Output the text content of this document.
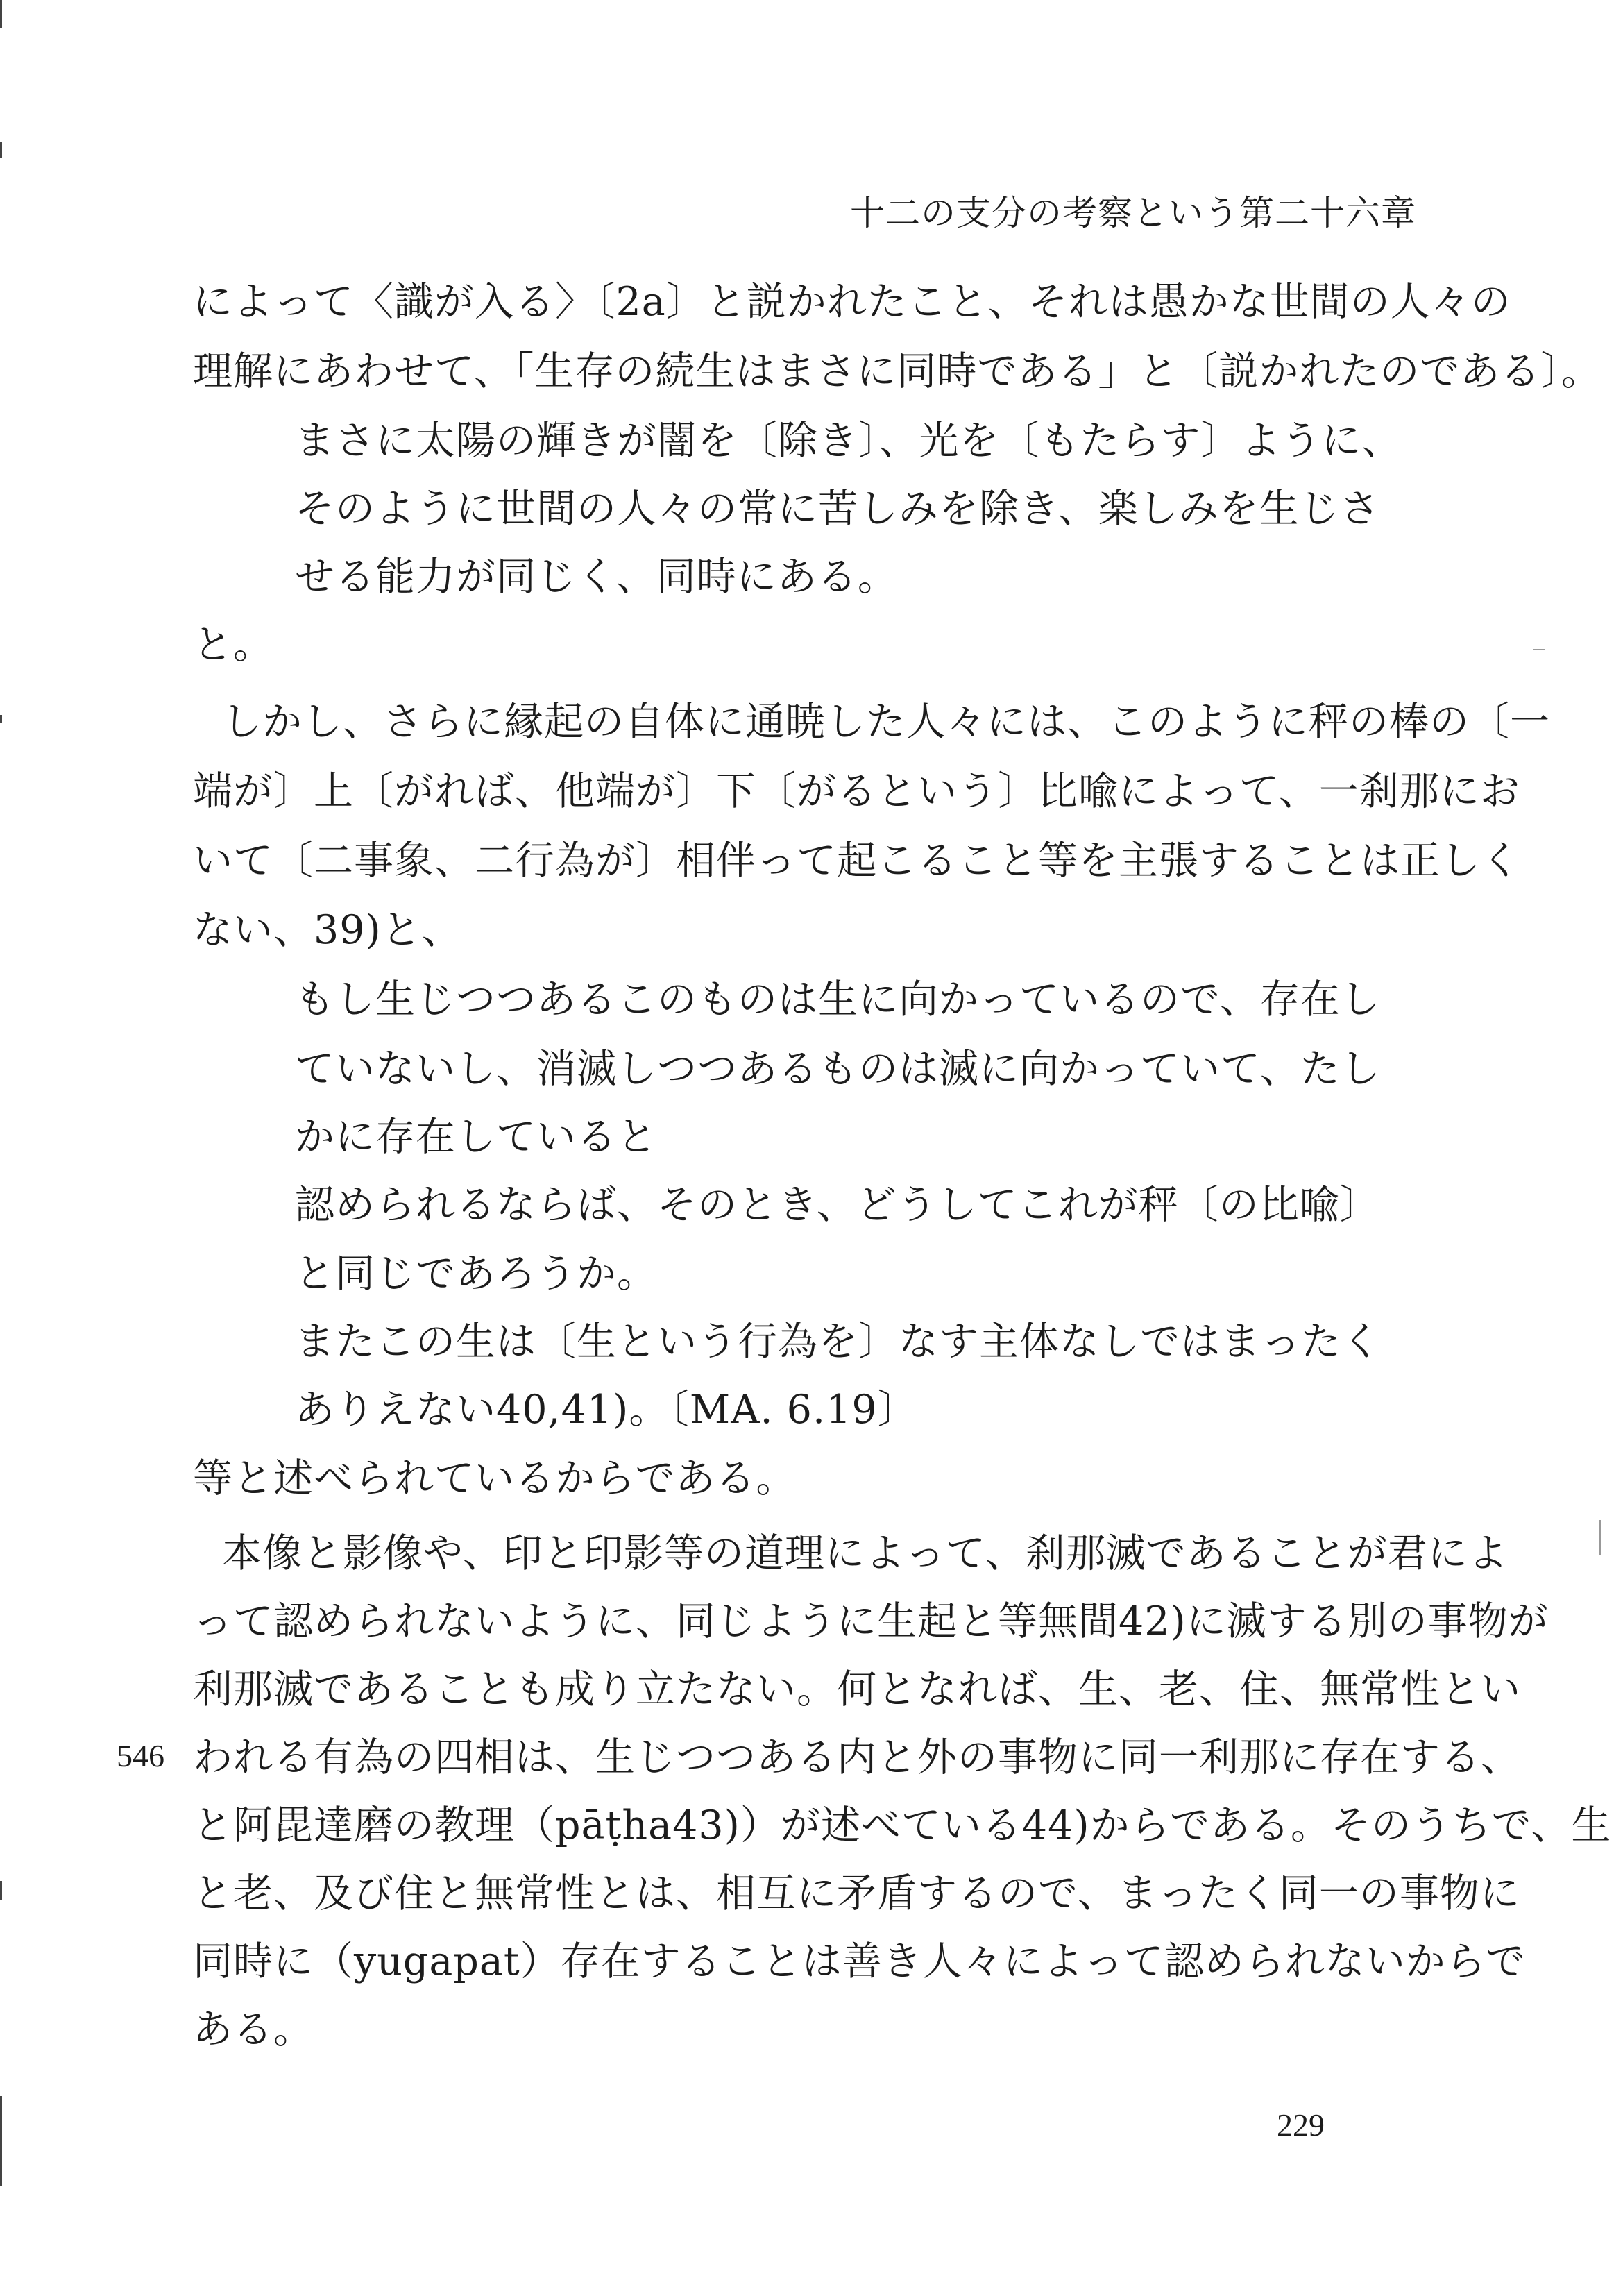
十二の支分の考察という第二十六章
によって〈識が入る〉〔2a〕と説かれたこと、それは愚かな世間の人々の
理解にあわせて、「生存の続生はまさに同時である」と〔説かれたのである〕。
まさに太陽の輝きが闇を〔除き〕、光を〔もたらす〕ように、
そのように世間の人々の常に苦しみを除き、楽しみを生じさ
せる能力が同じく、同時にある。
と。
しかし、さらに縁起の自体に通暁した人々には、このように秤の棒の〔一
端が〕上〔がれば、他端が〕下〔がるという〕比喩によって、一刹那にお
いて〔二事象、二行為が〕相伴って起こること等を主張することは正しく
ない、39)と、
もし生じつつあるこのものは生に向かっているので、存在し
ていないし、消滅しつつあるものは滅に向かっていて、たし
かに存在していると
認められるならば、そのとき、どうしてこれが秤〔の比喩〕
と同じであろうか。
またこの生は〔生という行為を〕なす主体なしではまったく
ありえない40,41)。〔MA. 6.19〕
等と述べられているからである。
本像と影像や、印と印影等の道理によって、刹那滅であることが君によ
って認められないように、同じように生起と等無間42)に滅する別の事物が
利那滅であることも成り立たない。何となれば、生、老、住、無常性とい
546 われる有為の四相は、生じつつある内と外の事物に同一利那に存在する、
と阿毘達磨の教理（pāṭha43)）が述べている44)からである。そのうちで、生
と老、及び住と無常性とは、相互に矛盾するので、まったく同一の事物に
同時に（yugapat）存在することは善き人々によって認められないからで
ある。
229
